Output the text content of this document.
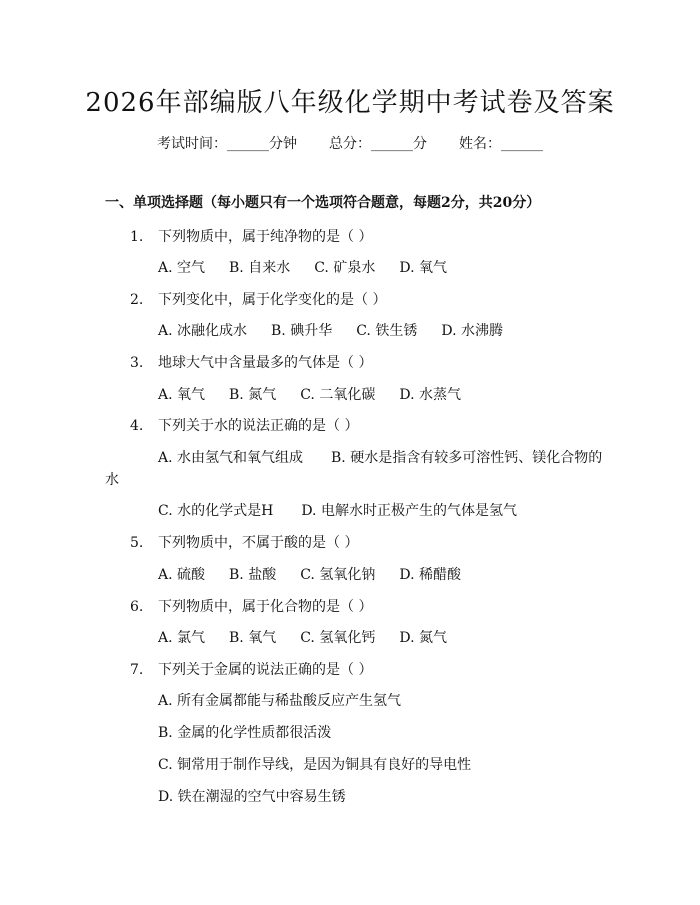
2026年部编版八年级化学期中考试卷及答案
考试时间：______分钟 总分：______分 姓名：______
一、单项选择题（每小题只有一个选项符合题意，每题2分，共20分）
1. 下列物质中，属于纯净物的是（ ）
A. 空气 B. 自来水 C. 矿泉水 D. 氧气
2. 下列变化中，属于化学变化的是（ ）
A. 冰融化成水 B. 碘升华 C. 铁生锈 D. 水沸腾
3. 地球大气中含量最多的气体是（ ）
A. 氧气 B. 氮气 C. 二氧化碳 D. 水蒸气
4. 下列关于水的说法正确的是（ ）
A. 水由氢气和氧气组成　　B. 硬水是指含有较多可溶性钙、镁化合物的
水
C. 水的化学式是H　　D. 电解水时正极产生的气体是氢气
5. 下列物质中，不属于酸的是（ ）
A. 硫酸 B. 盐酸 C. 氢氧化钠 D. 稀醋酸
6. 下列物质中，属于化合物的是（ ）
A. 氯气 B. 氧气 C. 氢氧化钙 D. 氮气
7. 下列关于金属的说法正确的是（ ）
A. 所有金属都能与稀盐酸反应产生氢气
B. 金属的化学性质都很活泼
C. 铜常用于制作导线，是因为铜具有良好的导电性
D. 铁在潮湿的空气中容易生锈
